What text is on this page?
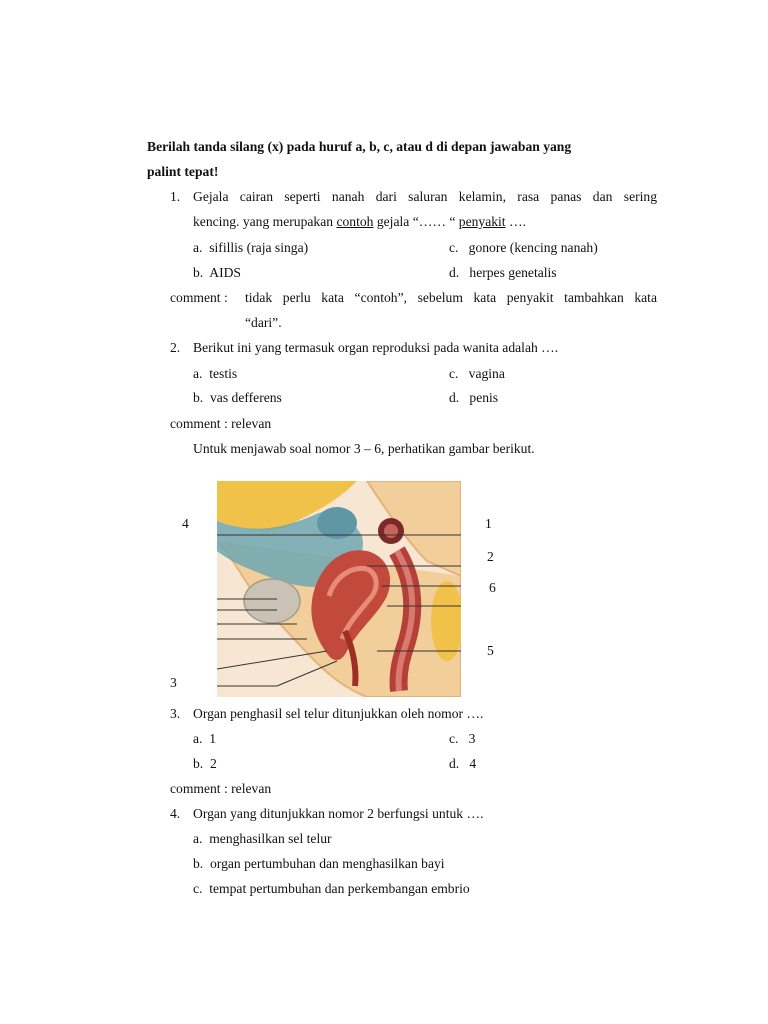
Berilah tanda silang (x) pada huruf a, b, c, atau d di depan jawaban yang
palint tepat!
1. Gejala cairan seperti nanah dari saluran kelamin, rasa panas dan sering
kencing. yang merupakan contoh gejala “…… “ penyakit ….
a. sifillis (raja singa)	c. gonore (kencing nanah)
b. AIDS	d. herpes genetalis
comment : tidak perlu kata “contoh”, sebelum kata penyakit tambahkan kata
“dari”.
2. Berikut ini yang termasuk organ reproduksi pada wanita adalah ….
a. testis	c. vagina
b. vas defferens	d. penis
comment : relevan
Untuk menjawab soal nomor 3 – 6, perhatikan gambar berikut.
4
3
1
2
6
5
3. Organ penghasil sel telur ditunjukkan oleh nomor ….
a. 1	c. 3
b. 2	d. 4
comment : relevan
4. Organ yang ditunjukkan nomor 2 berfungsi untuk ….
a. menghasilkan sel telur
b. organ pertumbuhan dan menghasilkan bayi
c. tempat pertumbuhan dan perkembangan embrio
